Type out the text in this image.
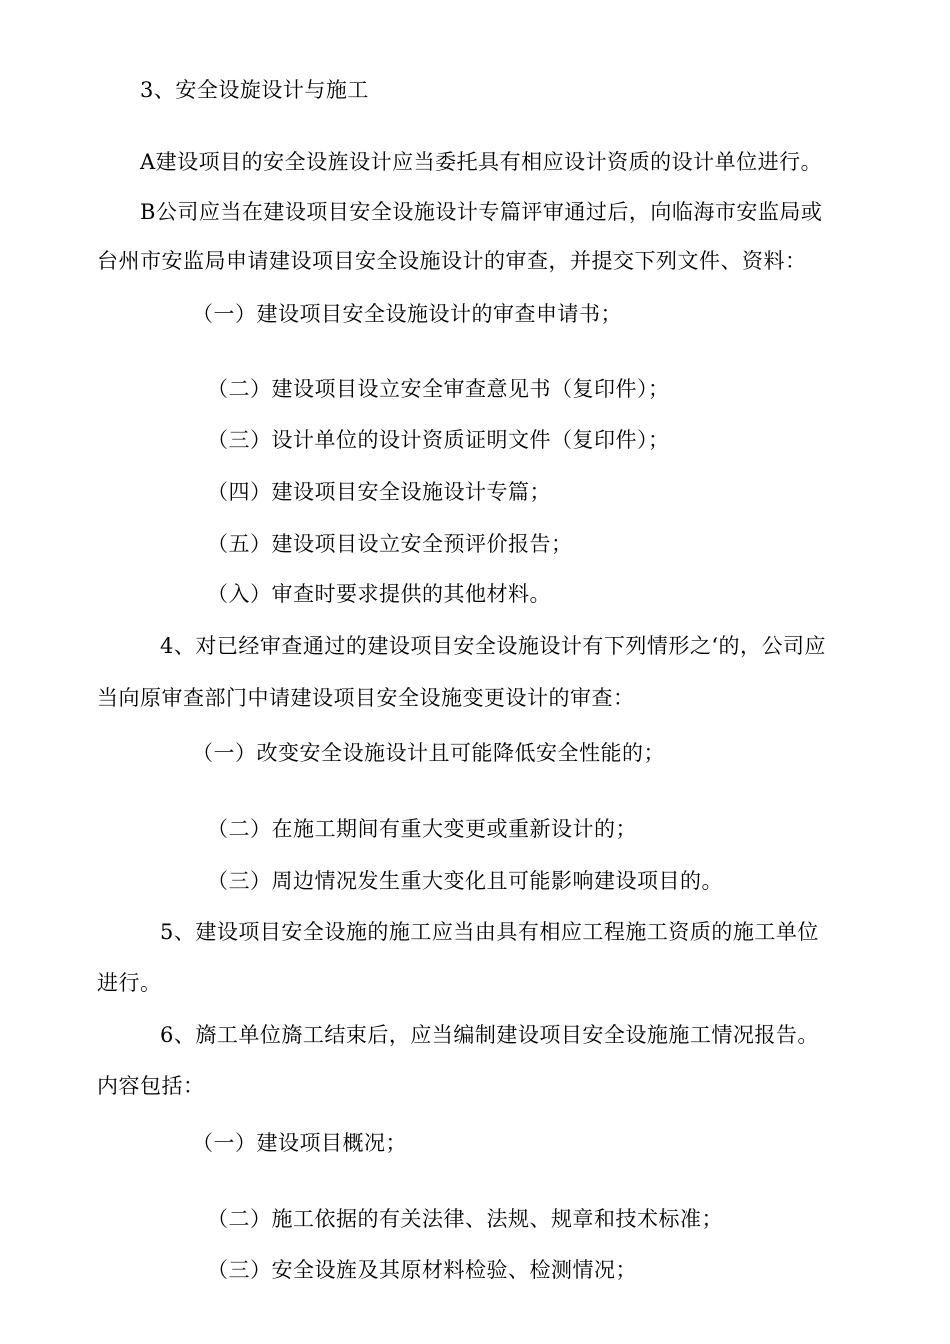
3、安全设旋设计与施工
A建设项目的安全设旌设计应当委托具有相应设计资质的设计单位进行。
B公司应当在建设项目安全设施设计专篇评审通过后，向临海市安监局或
台州市安监局申请建设项目安全设施设计的审查，并提交下列文件、资料：
（一）建设项目安全设施设计的审查申请书；
（二）建设项目设立安全审查意见书（复印件）；
（三）设计单位的设计资质证明文件（复印件）；
（四）建设项目安全设施设计专篇；
（五）建设项目设立安全预评价报告；
（入）审查时要求提供的其他材料。
4、对已经审查通过的建设项目安全设施设计有下列情形之‘的，公司应
当向原审查部门中请建设项目安全设施变更设计的审查：
（一）改变安全设施设计且可能降低安全性能的；
（二）在施工期间有重大变更或重新设计的；
（三）周边情况发生重大变化且可能影响建设项目的。
5、建设项目安全设施的施工应当由具有相应工程施工资质的施工单位
进行。
6、旖工单位旖工结束后，应当编制建设项目安全设施施工情况报告。
内容包括：
（一）建设项目概况；
（二）施工依据的有关法律、法规、规章和技术标准；
（三）安全设旌及其原材料检验、检测情况；
